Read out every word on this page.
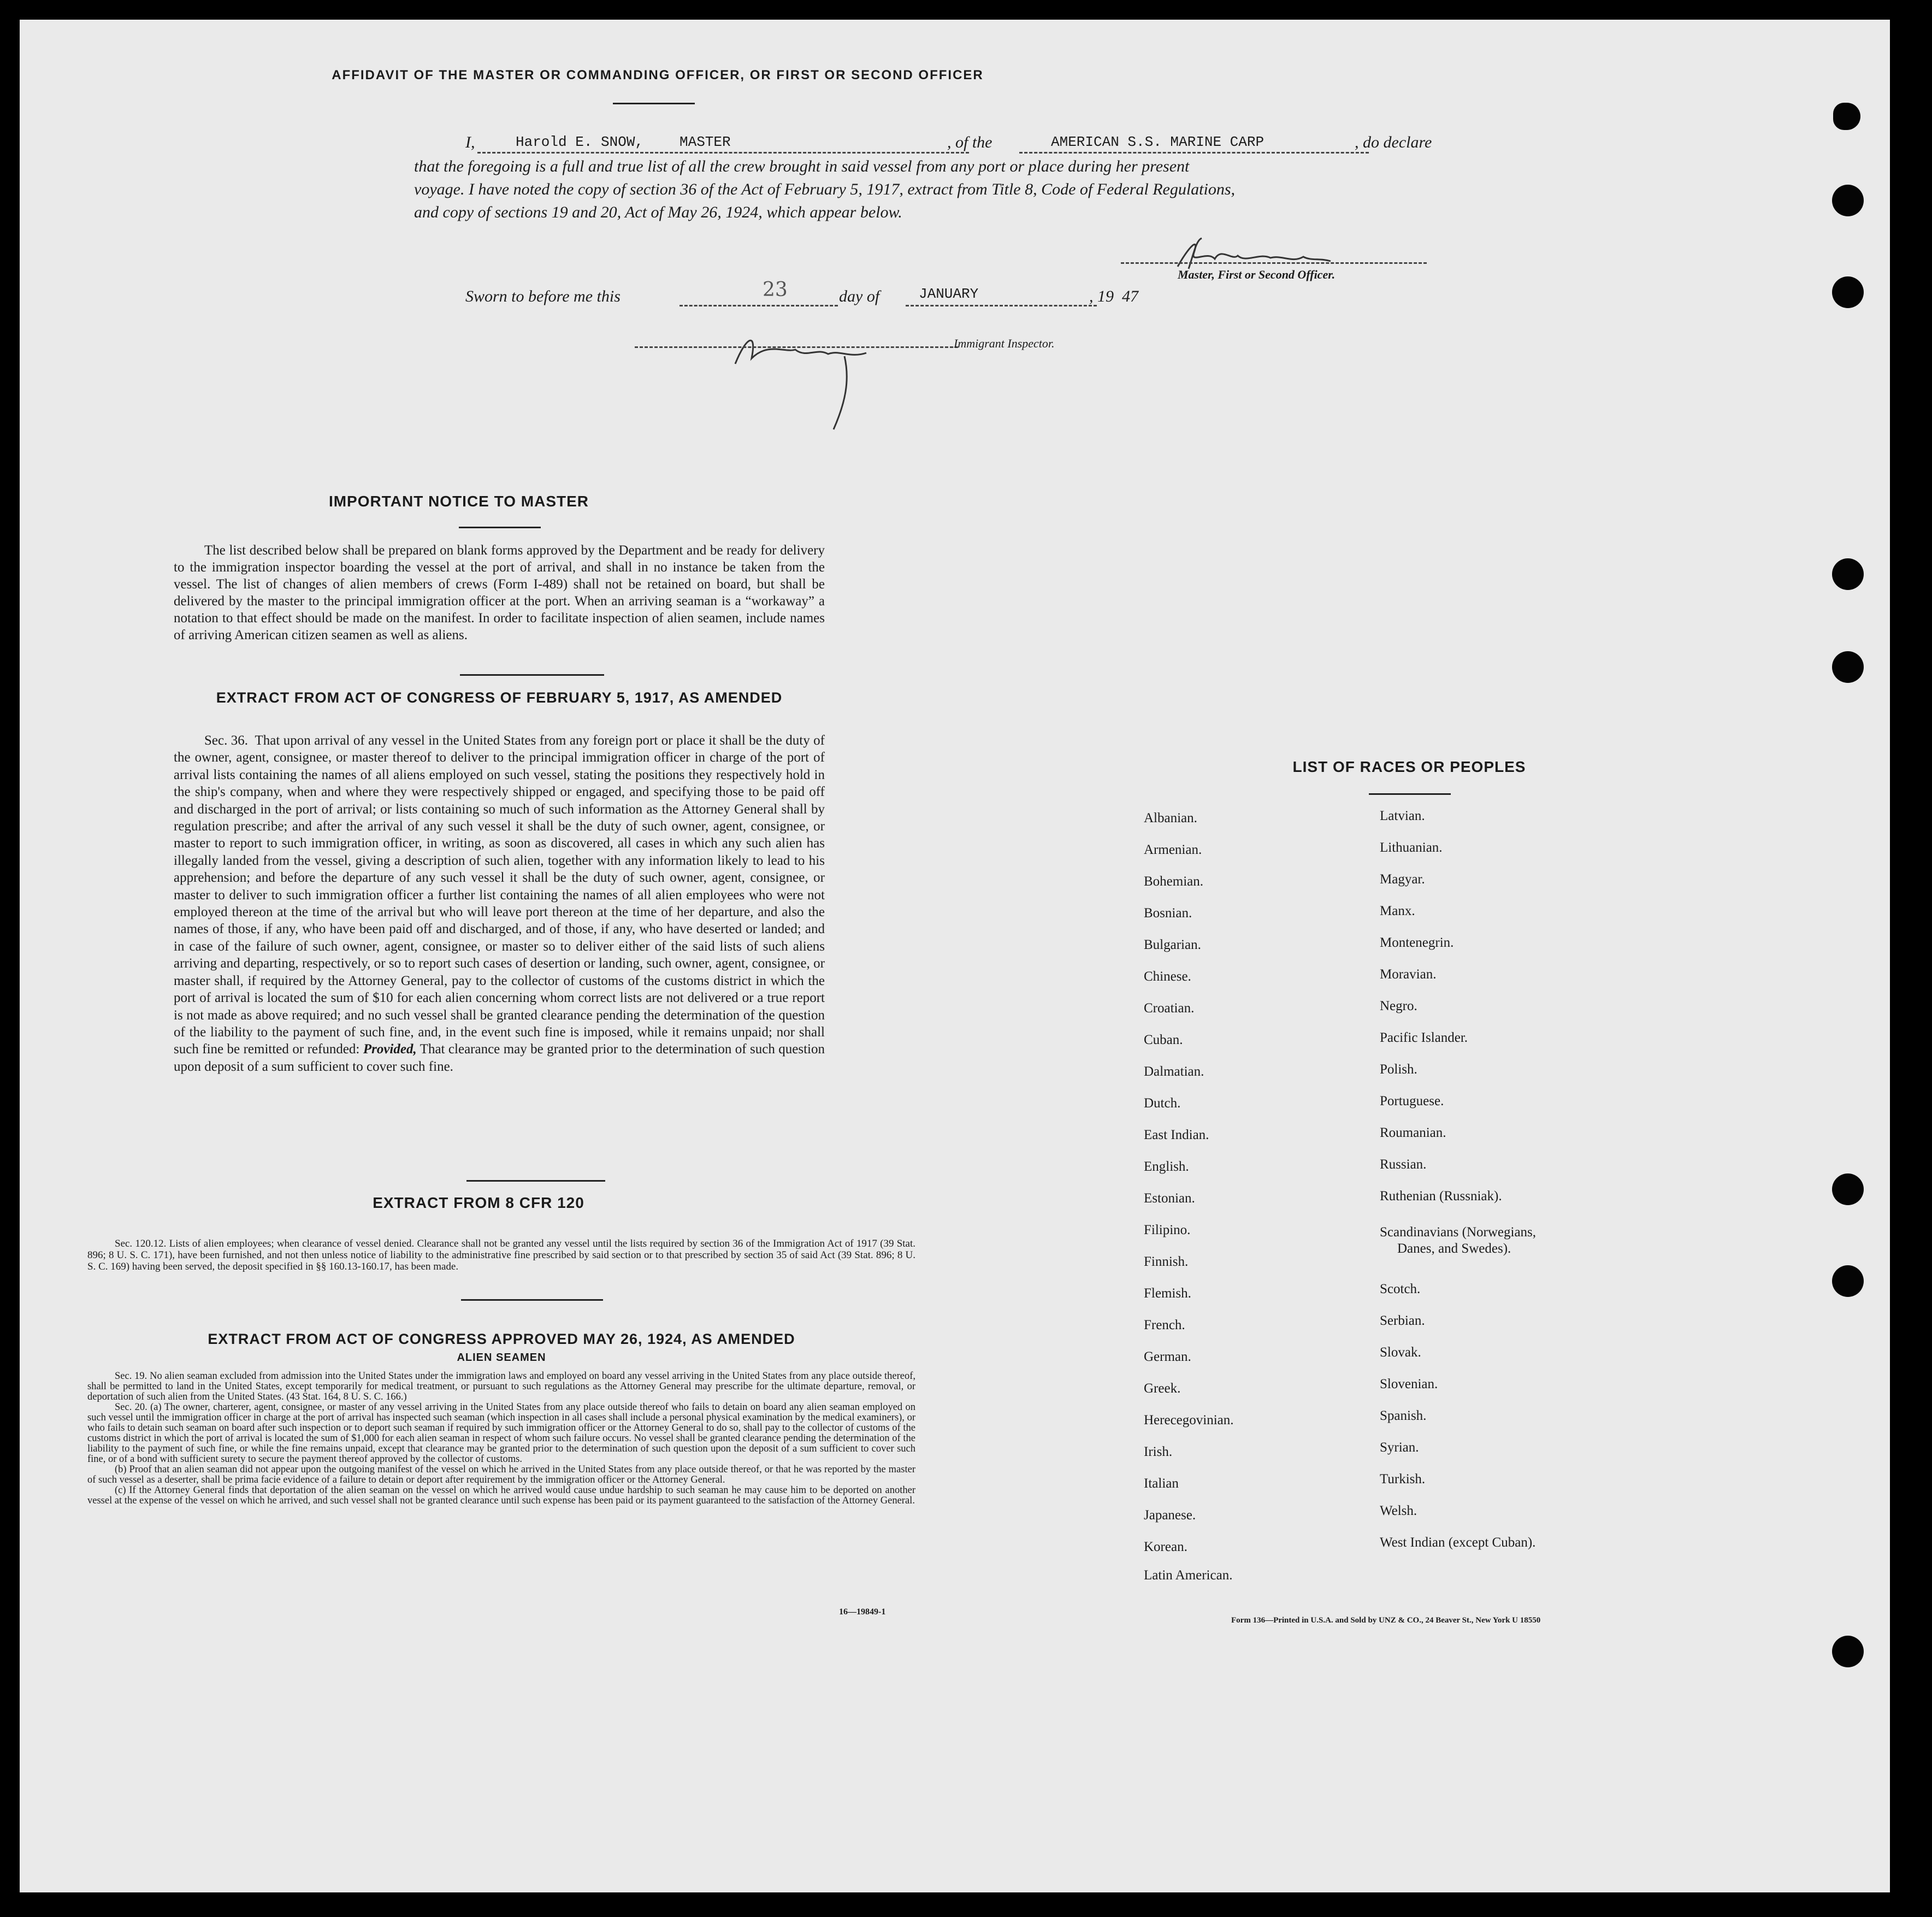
AFFIDAVIT OF THE MASTER OR COMMANDING OFFICER, OR FIRST OR SECOND OFFICER
I,	Harold E. SNOW,	MASTER	, of the	AMERICAN S.S. MARINE CARP	, do declare
that the foregoing is a full and true list of all the crew brought in said vessel from any port or place during her present
voyage. I have noted the copy of section 36 of the Act of February 5, 1917, extract from Title 8, Code of Federal Regulations,
and copy of sections 19 and 20, Act of May 26, 1924, which appear below.
Master, First or Second Officer.
Sworn to before me this	23	day of	JANUARY	, 19 47
Immigrant Inspector.
IMPORTANT NOTICE TO MASTER
The list described below shall be prepared on blank forms approved by the Department and be ready for delivery to the immigration inspector boarding the vessel at the port of arrival, and shall in no instance be taken from the vessel. The list of changes of alien members of crews (Form I-489) shall not be retained on board, but shall be delivered by the master to the principal immigration officer at the port. When an arriving seaman is a “workaway” a notation to that effect should be made on the manifest. In order to facilitate inspection of alien seamen, include names of arriving American citizen seamen as well as aliens.
EXTRACT FROM ACT OF CONGRESS OF FEBRUARY 5, 1917, AS AMENDED
Sec. 36. That upon arrival of any vessel in the United States from any foreign port or place it shall be the duty of the owner, agent, consignee, or master thereof to deliver to the principal immigration officer in charge of the port of arrival lists containing the names of all aliens employed on such vessel, stating the positions they respectively hold in the ship's company, when and where they were respectively shipped or engaged, and specifying those to be paid off and discharged in the port of arrival; or lists containing so much of such information as the Attorney General shall by regulation prescribe; and after the arrival of any such vessel it shall be the duty of such owner, agent, consignee, or master to report to such immigration officer, in writing, as soon as discovered, all cases in which any such alien has illegally landed from the vessel, giving a description of such alien, together with any information likely to lead to his apprehension; and before the departure of any such vessel it shall be the duty of such owner, agent, consignee, or master to deliver to such immigration officer a further list containing the names of all alien employees who were not employed thereon at the time of the arrival but who will leave port thereon at the time of her departure, and also the names of those, if any, who have been paid off and discharged, and of those, if any, who have deserted or landed; and in case of the failure of such owner, agent, consignee, or master so to deliver either of the said lists of such aliens arriving and departing, respectively, or so to report such cases of desertion or landing, such owner, agent, consignee, or master shall, if required by the Attorney General, pay to the collector of customs of the customs district in which the port of arrival is located the sum of $10 for each alien concerning whom correct lists are not delivered or a true report is not made as above required; and no such vessel shall be granted clearance pending the determination of the question of the liability to the payment of such fine, and, in the event such fine is imposed, while it remains unpaid; nor shall such fine be remitted or refunded: Provided, That clearance may be granted prior to the determination of such question upon deposit of a sum sufficient to cover such fine.
EXTRACT FROM 8 CFR 120
Sec. 120.12. Lists of alien employees; when clearance of vessel denied. Clearance shall not be granted any vessel until the lists required by section 36 of the Immigration Act of 1917 (39 Stat. 896; 8 U. S. C. 171), have been furnished, and not then unless notice of liability to the administrative fine prescribed by said section or to that prescribed by section 35 of said Act (39 Stat. 896; 8 U. S. C. 169) having been served, the deposit specified in §§ 160.13-160.17, has been made.
EXTRACT FROM ACT OF CONGRESS APPROVED MAY 26, 1924, AS AMENDED
ALIEN SEAMEN
Sec. 19. No alien seaman excluded from admission into the United States under the immigration laws and employed on board any vessel arriving in the United States from any place outside thereof, shall be permitted to land in the United States, except temporarily for medical treatment, or pursuant to such regulations as the Attorney General may prescribe for the ultimate departure, removal, or deportation of such alien from the United States. (43 Stat. 164, 8 U. S. C. 166.)
Sec. 20. (a) The owner, charterer, agent, consignee, or master of any vessel arriving in the United States from any place outside thereof who fails to detain on board any alien seaman employed on such vessel until the immigration officer in charge at the port of arrival has inspected such seaman (which inspection in all cases shall include a personal physical examination by the medical examiners), or who fails to detain such seaman on board after such inspection or to deport such seaman if required by such immigration officer or the Attorney General to do so, shall pay to the collector of customs of the customs district in which the port of arrival is located the sum of $1,000 for each alien seaman in respect of whom such failure occurs. No vessel shall be granted clearance pending the determination of the liability to the payment of such fine, or while the fine remains unpaid, except that clearance may be granted prior to the determination of such question upon the deposit of a sum sufficient to cover such fine, or of a bond with sufficient surety to secure the payment thereof approved by the collector of customs.
(b) Proof that an alien seaman did not appear upon the outgoing manifest of the vessel on which he arrived in the United States from any place outside thereof, or that he was reported by the master of such vessel as a deserter, shall be prima facie evidence of a failure to detain or deport after requirement by the immigration officer or the Attorney General.
(c) If the Attorney General finds that deportation of the alien seaman on the vessel on which he arrived would cause undue hardship to such seaman he may cause him to be deported on another vessel at the expense of the vessel on which he arrived, and such vessel shall not be granted clearance until such expense has been paid or its payment guaranteed to the satisfaction of the Attorney General.
16—19849-1
LIST OF RACES OR PEOPLES
Albanian.
Armenian.
Bohemian.
Bosnian.
Bulgarian.
Chinese.
Croatian.
Cuban.
Dalmatian.
Dutch.
East Indian.
English.
Estonian.
Filipino.
Finnish.
Flemish.
French.
German.
Greek.
Herecegovinian.
Irish.
Italian
Japanese.
Korean.
Latin American.
Latvian.
Lithuanian.
Magyar.
Manx.
Montenegrin.
Moravian.
Negro.
Pacific Islander.
Polish.
Portuguese.
Roumanian.
Russian.
Ruthenian (Russniak).
Scandinavians (Norwegians,
Danes, and Swedes).
Scotch.
Serbian.
Slovak.
Slovenian.
Spanish.
Syrian.
Turkish.
Welsh.
West Indian (except Cuban).
Form 136—Printed in U.S.A. and Sold by UNZ & CO., 24 Beaver St., New York U 18550
